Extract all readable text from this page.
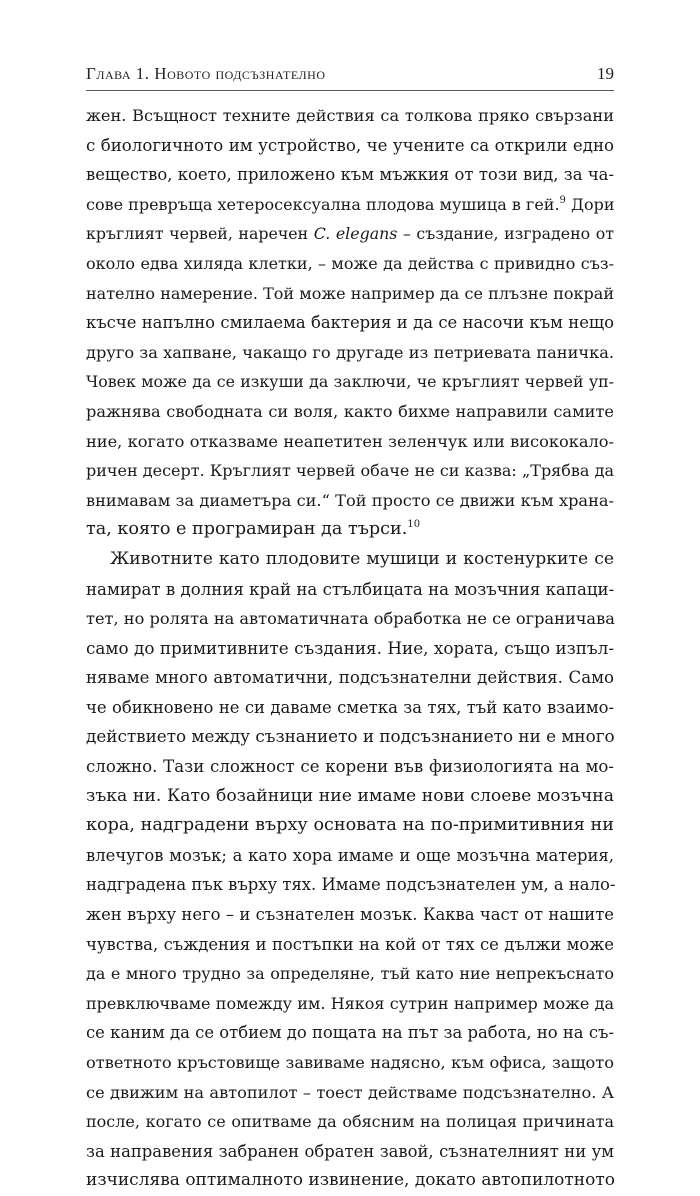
Глава 1. Новото подсъзнателно	19
жен. Всъщност техните действия са толкова пряко свързани
с биологичното им устройство, че учените са открили едно
вещество, което, приложено към мъжкия от този вид, за ча-
сове превръща хетеросексуална плодова мушица в гей.$^9$ Дори
кръглият червей, наречен C. elegans – създание, изградено от
около едва хиляда клетки, – може да действа с привидно съз-
нателно намерение. Той може например да се плъзне покрай
късче напълно смилаема бактерия и да се насочи към нещо
друго за хапване, чакащо го другаде из петриевата паничка.
Човек може да се изкуши да заключи, че кръглият червей уп-
ражнява свободната си воля, както бихме направили самите
ние, когато отказваме неапетитен зеленчук или висококало-
ричен десерт. Кръглият червей обаче не си казва: „Трябва да
внимавам за диаметъра си.“ Той просто се движи към храна-
та, която е програмиран да търси.$^{10}$
Животните като плодовите мушици и костенурките се
намират в долния край на стълбицата на мозъчния капаци-
тет, но ролята на автоматичната обработка не се ограничава
само до примитивните създания. Ние, хората, също изпъл-
няваме много автоматични, подсъзнателни действия. Само
че обикновено не си даваме сметка за тях, тъй като взаимо-
действието между съзнанието и подсъзнанието ни е много
сложно. Тази сложност се корени във физиологията на мо-
зъка ни. Като бозайници ние имаме нови слоеве мозъчна
кора, надградени върху основата на по-примитивния ни
влечугов мозък; а като хора имаме и още мозъчна материя,
надградена пък върху тях. Имаме подсъзнателен ум, а нало-
жен върху него – и съзнателен мозък. Каква част от нашите
чувства, съждения и постъпки на кой от тях се дължи може
да е много трудно за определяне, тъй като ние непрекъснато
превключваме помежду им. Някоя сутрин например може да
се каним да се отбием до пощата на път за работа, но на съ-
ответното кръстовище завиваме надясно, към офиса, защото
се движим на автопилот – тоест действаме подсъзнателно. А
после, когато се опитваме да обясним на полицая причината
за направения забранен обратен завой, съзнателният ни ум
изчислява оптималното извинение, докато автопилотното
